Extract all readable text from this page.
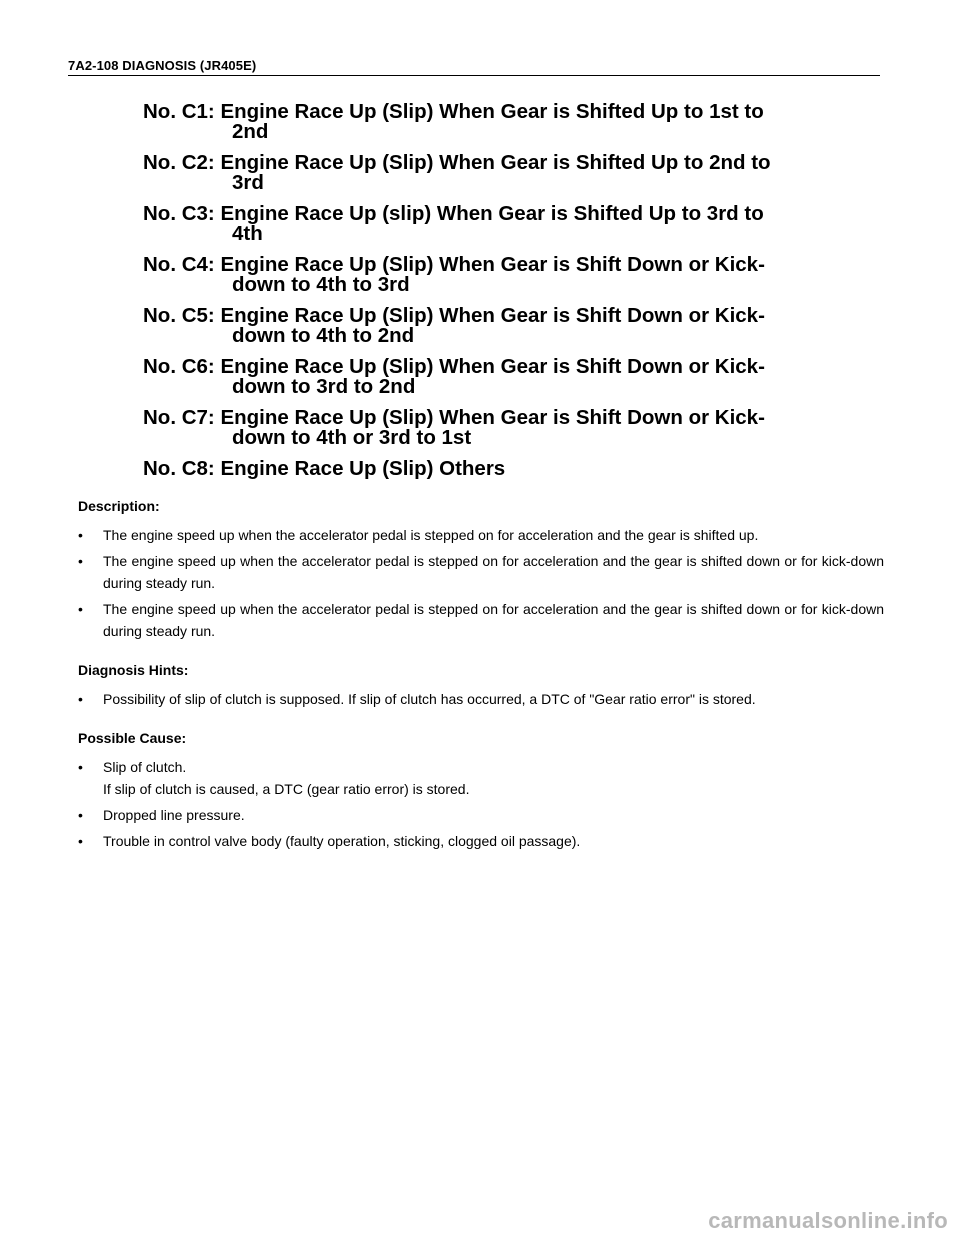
7A2-108 DIAGNOSIS (JR405E)
No. C1: Engine Race Up (Slip) When Gear is Shifted Up to 1st to
2nd
No. C2: Engine Race Up (Slip) When Gear is Shifted Up to 2nd to
3rd
No. C3: Engine Race Up (slip) When Gear is Shifted Up to 3rd to
4th
No. C4: Engine Race Up (Slip) When Gear is Shift Down or Kick-
down to 4th to 3rd
No. C5: Engine Race Up (Slip) When Gear is Shift Down or Kick-
down to 4th to 2nd
No. C6: Engine Race Up (Slip) When Gear is Shift Down or Kick-
down to 3rd to 2nd
No. C7: Engine Race Up (Slip) When Gear is Shift Down or Kick-
down to 4th or 3rd to 1st
No. C8: Engine Race Up (Slip) Others
Description:
• The engine speed up when the accelerator pedal is stepped on for acceleration and the gear is shifted up.
• The engine speed up when the accelerator pedal is stepped on for acceleration and the gear is shifted down or for kick-down during steady run.
• The engine speed up when the accelerator pedal is stepped on for acceleration and the gear is shifted down or for kick-down during steady run.
Diagnosis Hints:
• Possibility of slip of clutch is supposed. If slip of clutch has occurred, a DTC of "Gear ratio error" is stored.
Possible Cause:
• Slip of clutch.
If slip of clutch is caused, a DTC (gear ratio error) is stored.
• Dropped line pressure.
• Trouble in control valve body (faulty operation, sticking, clogged oil passage).
carmanualsonline.info
